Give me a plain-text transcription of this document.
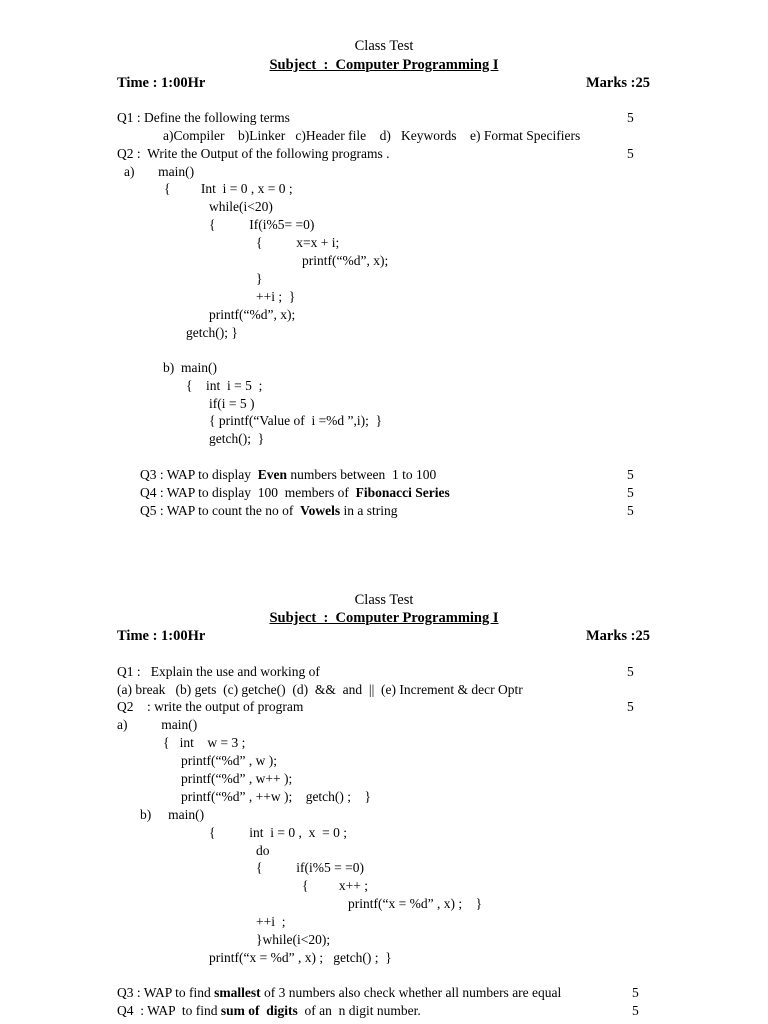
Class Test
Subject  :  Computer Programming I
Time : 1:00Hr	Marks :25
Q1 : Define the following terms	5
a)Compiler    b)Linker   c)Header file    d)   Keywords    e) Format Specifiers
Q2 :  Write the Output of the following programs .	5
a)       main()
{         Int  i = 0 , x = 0 ;
while(i<20)
{          If(i%5= =0)
{          x=x + i;
printf(“%d”, x);
}
++i ;  }
printf(“%d”, x);
getch(); }
b)  main()
{    int  i = 5  ;
if(i = 5 )
{ printf(“Value of  i =%d ”,i);  }
getch();  }
Q3 : WAP to display  Even numbers between  1 to 100	5
Q4 : WAP to display  100  members of  Fibonacci Series	5
Q5 : WAP to count the no of  Vowels in a string	5
Class Test
Subject  :  Computer Programming I
Time : 1:00Hr	Marks :25
Q1 :   Explain the use and working of	5
(a) break   (b) gets  (c) getche()  (d)  &&  and  ||  (e) Increment & decr Optr
Q2    : write the output of program	5
a)          main()
{   int    w = 3 ;
printf(“%d” , w );
printf(“%d” , w++ );
printf(“%d” , ++w );    getch() ;    }
b)     main()
{          int  i = 0 ,  x  = 0 ;
do
{          if(i%5 = =0)
{         x++ ;
printf(“x = %d” , x) ;    }
++i  ;
}while(i<20);
printf(“x = %d” , x) ;   getch() ;  }
Q3 : WAP to find smallest of 3 numbers also check whether all numbers are equal	5
Q4  : WAP  to find sum of  digits  of an  n digit number.	5
